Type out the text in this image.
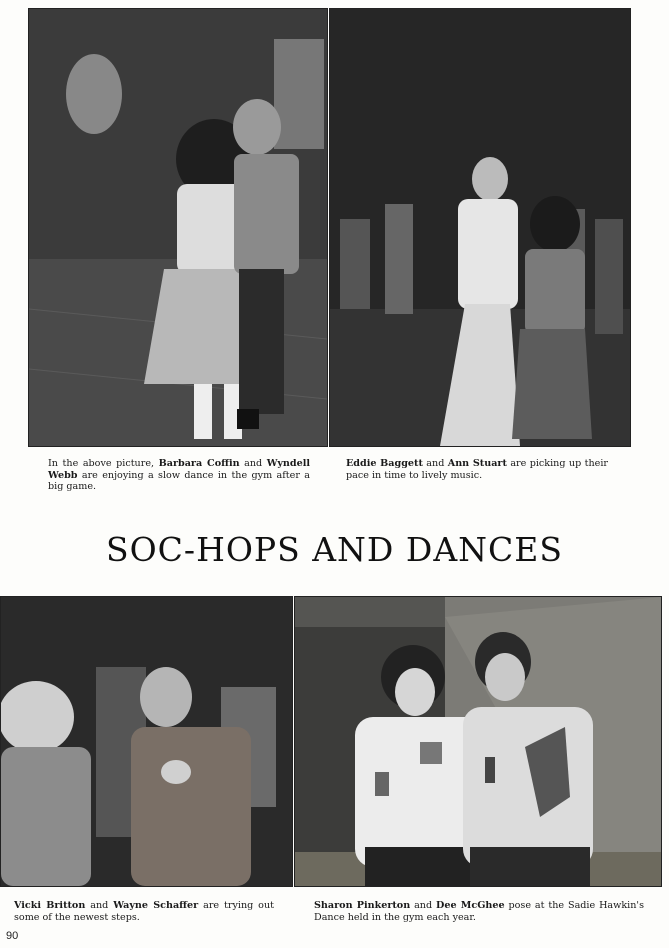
In the above picture, Barbara Coffin and Wyndell Webb are enjoying a slow dance in the gym after a big game.
Eddie Baggett and Ann Stuart are picking up their pace in time to lively music.
SOC-HOPS AND DANCES
Vicki Britton and Wayne Schaffer are trying out some of the newest steps.
Sharon Pinkerton and Dee McGhee pose at the Sadie Hawkin's Dance held in the gym each year.
90
